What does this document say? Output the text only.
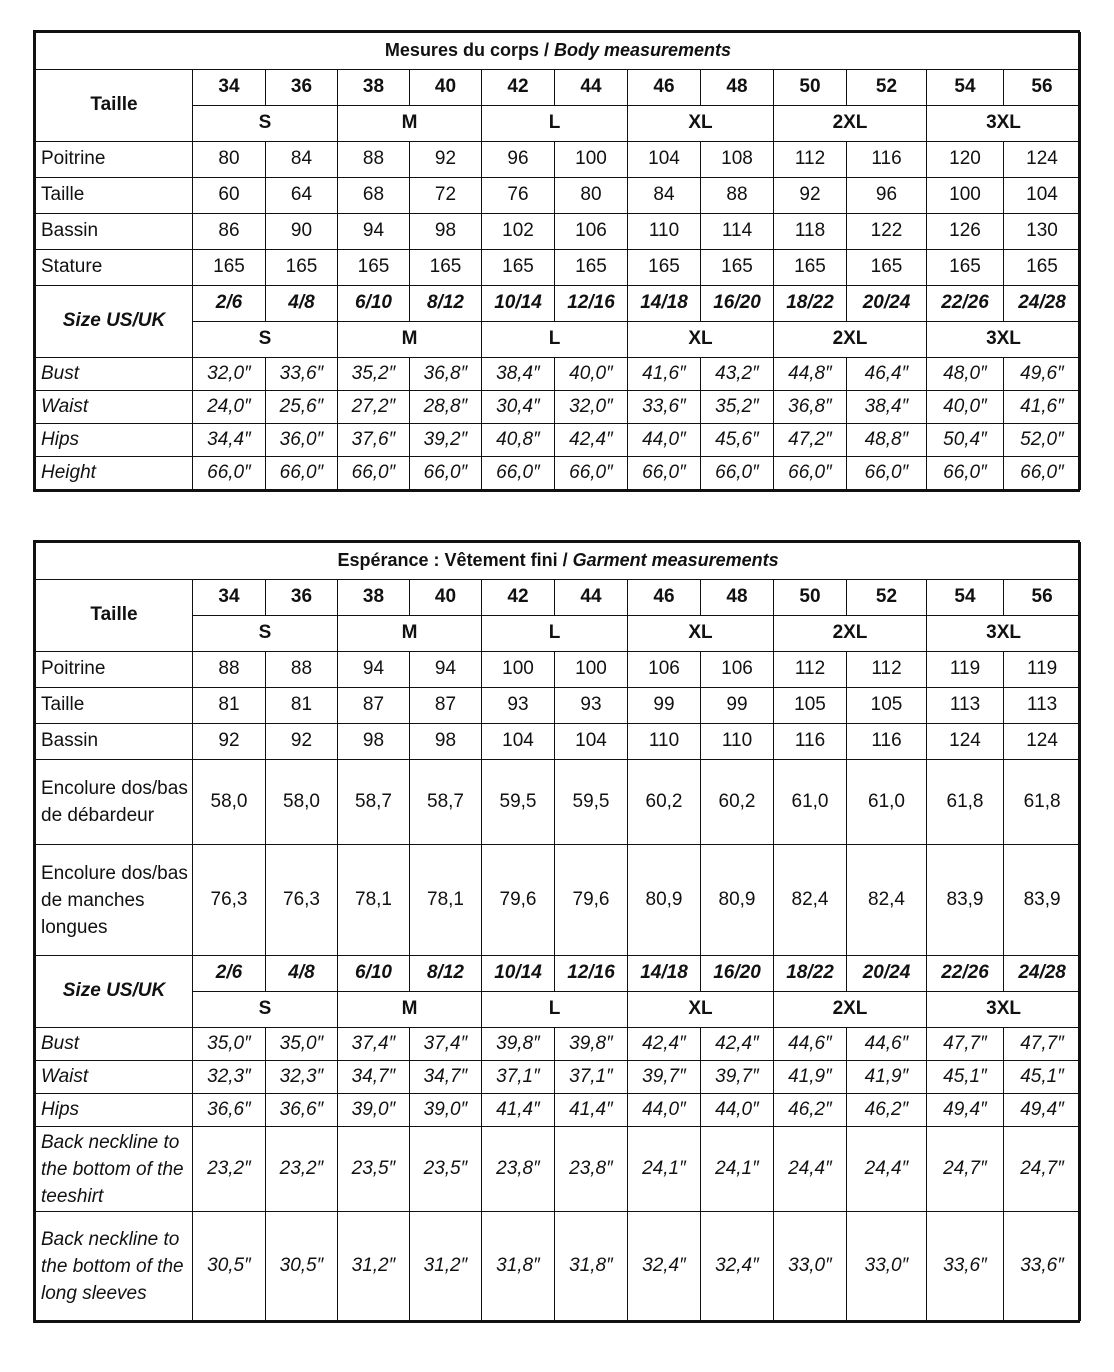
Mesures du corps / Body measurements												
Taille	34	36	38	40	42	44	46	48	50	52	54	56
	S		M		L		XL		2XL		3XL	
Poitrine	80	84	88	92	96	100	104	108	112	116	120	124
Taille	60	64	68	72	76	80	84	88	92	96	100	104
Bassin	86	90	94	98	102	106	110	114	118	122	126	130
Stature	165	165	165	165	165	165	165	165	165	165	165	165
Size US/UK	2/6	4/8	6/10	8/12	10/14	12/16	14/18	16/20	18/22	20/24	22/26	24/28
	S		M		L		XL		2XL		3XL	
Bust	32,0″	33,6″	35,2″	36,8″	38,4″	40,0″	41,6″	43,2″	44,8″	46,4″	48,0″	49,6″
Waist	24,0″	25,6″	27,2″	28,8″	30,4″	32,0″	33,6″	35,2″	36,8″	38,4″	40,0″	41,6″
Hips	34,4″	36,0″	37,6″	39,2″	40,8″	42,4″	44,0″	45,6″	47,2″	48,8″	50,4″	52,0″
Height	66,0″	66,0″	66,0″	66,0″	66,0″	66,0″	66,0″	66,0″	66,0″	66,0″	66,0″	66,0″
Espérance : Vêtement fini / Garment measurements												
Taille	34	36	38	40	42	44	46	48	50	52	54	56
	S		M		L		XL		2XL		3XL	
Poitrine	88	88	94	94	100	100	106	106	112	112	119	119
Taille	81	81	87	87	93	93	99	99	105	105	113	113
Bassin	92	92	98	98	104	104	110	110	116	116	124	124
Encolure dos/bas de débardeur	58,0	58,0	58,7	58,7	59,5	59,5	60,2	60,2	61,0	61,0	61,8	61,8
Encolure dos/bas de manches longues	76,3	76,3	78,1	78,1	79,6	79,6	80,9	80,9	82,4	82,4	83,9	83,9
Size US/UK	2/6	4/8	6/10	8/12	10/14	12/16	14/18	16/20	18/22	20/24	22/26	24/28
	S		M		L		XL		2XL		3XL	
Bust	35,0″	35,0″	37,4″	37,4″	39,8″	39,8″	42,4″	42,4″	44,6″	44,6″	47,7″	47,7″
Waist	32,3″	32,3″	34,7″	34,7″	37,1″	37,1″	39,7″	39,7″	41,9″	41,9″	45,1″	45,1″
Hips	36,6″	36,6″	39,0″	39,0″	41,4″	41,4″	44,0″	44,0″	46,2″	46,2″	49,4″	49,4″
Back neckline to the bottom of the teeshirt	23,2″	23,2″	23,5″	23,5″	23,8″	23,8″	24,1″	24,1″	24,4″	24,4″	24,7″	24,7″
Back neckline to the bottom of the long sleeves	30,5″	30,5″	31,2″	31,2″	31,8″	31,8″	32,4″	32,4″	33,0″	33,0″	33,6″	33,6″
